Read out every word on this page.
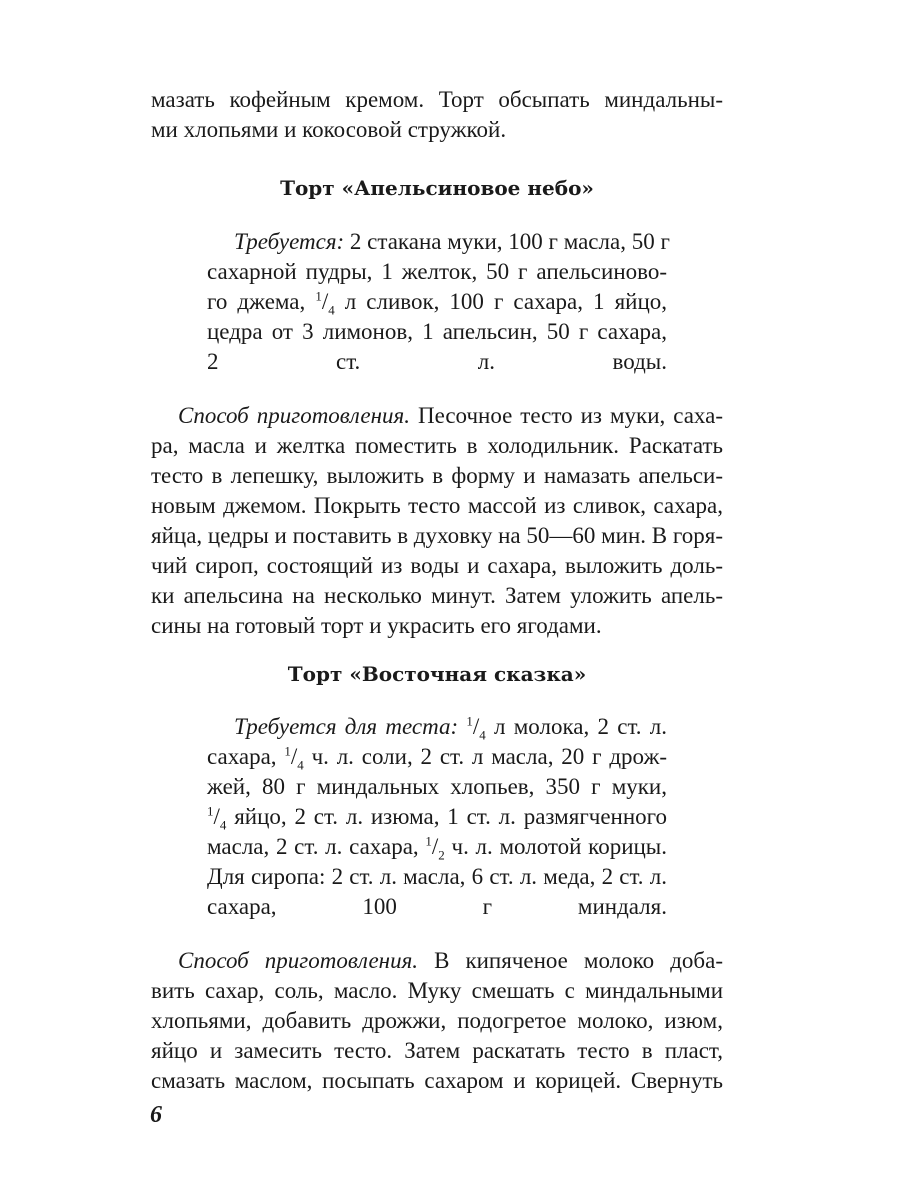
мазать кофейным кремом. Торт обсыпать миндальны-
ми хлопьями и кокосовой стружкой.
Торт «Апельсиновое небо»
Требуется: 2 стакана муки, 100 г масла, 50 г
сахарной пудры, 1 желток, 50 г апельсиново-
го джема, $^1/_4$ л сливок, 100 г сахара, 1 яйцо,
цедра от 3 лимонов, 1 апельсин, 50 г сахара,
2 ст. л. воды.
Способ приготовления. Песочное тесто из муки, саха-
ра, масла и желтка поместить в холодильник. Раскатать
тесто в лепешку, выложить в форму и намазать апельси-
новым джемом. Покрыть тесто массой из сливок, сахара,
яйца, цедры и поставить в духовку на 50—60 мин. В горя-
чий сироп, состоящий из воды и сахара, выложить доль-
ки апельсина на несколько минут. Затем уложить апель-
сины на готовый торт и украсить его ягодами.
Торт «Восточная сказка»
Требуется для теста: $^1/_4$ л молока, 2 ст. л.
сахара, $^1/_4$ ч. л. соли, 2 ст. л масла, 20 г дрож-
жей, 80 г миндальных хлопьев, 350 г муки,
$^1/_4$ яйцо, 2 ст. л. изюма, 1 ст. л. размягченного
масла, 2 ст. л. сахара, $^1/_2$ ч. л. молотой корицы.
Для сиропа: 2 ст. л. масла, 6 ст. л. меда, 2 ст. л.
сахара, 100 г миндаля.
Способ приготовления. В кипяченое молоко доба-
вить сахар, соль, масло. Муку смешать с миндальными
хлопьями, добавить дрожжи, подогретое молоко, изюм,
яйцо и замесить тесто. Затем раскатать тесто в пласт,
смазать маслом, посыпать сахаром и корицей. Свернуть
6
